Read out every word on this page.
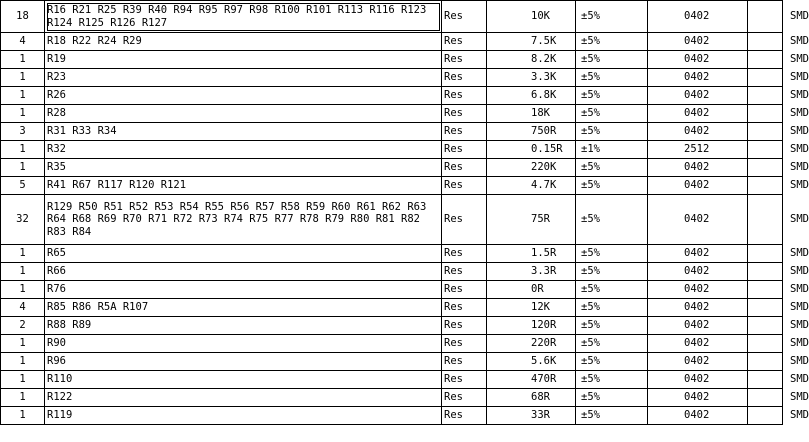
18	R16 R21 R25 R39 R40 R94 R95 R97 R98 R100 R101 R113 R116 R123 R124 R125 R126 R127	Res	10K	±5%	0402	SMD
4	R18 R22 R24 R29	Res	7.5K	±5%	0402	SMD
1	R19	Res	8.2K	±5%	0402	SMD
1	R23	Res	3.3K	±5%	0402	SMD
1	R26	Res	6.8K	±5%	0402	SMD
1	R28	Res	18K	±5%	0402	SMD
3	R31 R33 R34	Res	750R	±5%	0402	SMD
1	R32	Res	0.15R	±1%	2512	SMD
1	R35	Res	220K	±5%	0402	SMD
5	R41 R67 R117 R120 R121	Res	4.7K	±5%	0402	SMD
32	R129 R50 R51 R52 R53 R54 R55 R56 R57 R58 R59 R60 R61 R62 R63 R64 R68 R69 R70 R71 R72 R73 R74 R75 R77 R78 R79 R80 R81 R82 R83 R84	Res	75R	±5%	0402	SMD
1	R65	Res	1.5R	±5%	0402	SMD
1	R66	Res	3.3R	±5%	0402	SMD
1	R76	Res	0R	±5%	0402	SMD
4	R85 R86 R5A R107	Res	12K	±5%	0402	SMD
2	R88 R89	Res	120R	±5%	0402	SMD
1	R90	Res	220R	±5%	0402	SMD
1	R96	Res	5.6K	±5%	0402	SMD
1	R110	Res	470R	±5%	0402	SMD
1	R122	Res	68R	±5%	0402	SMD
1	R119	Res	33R	±5%	0402	SMD
